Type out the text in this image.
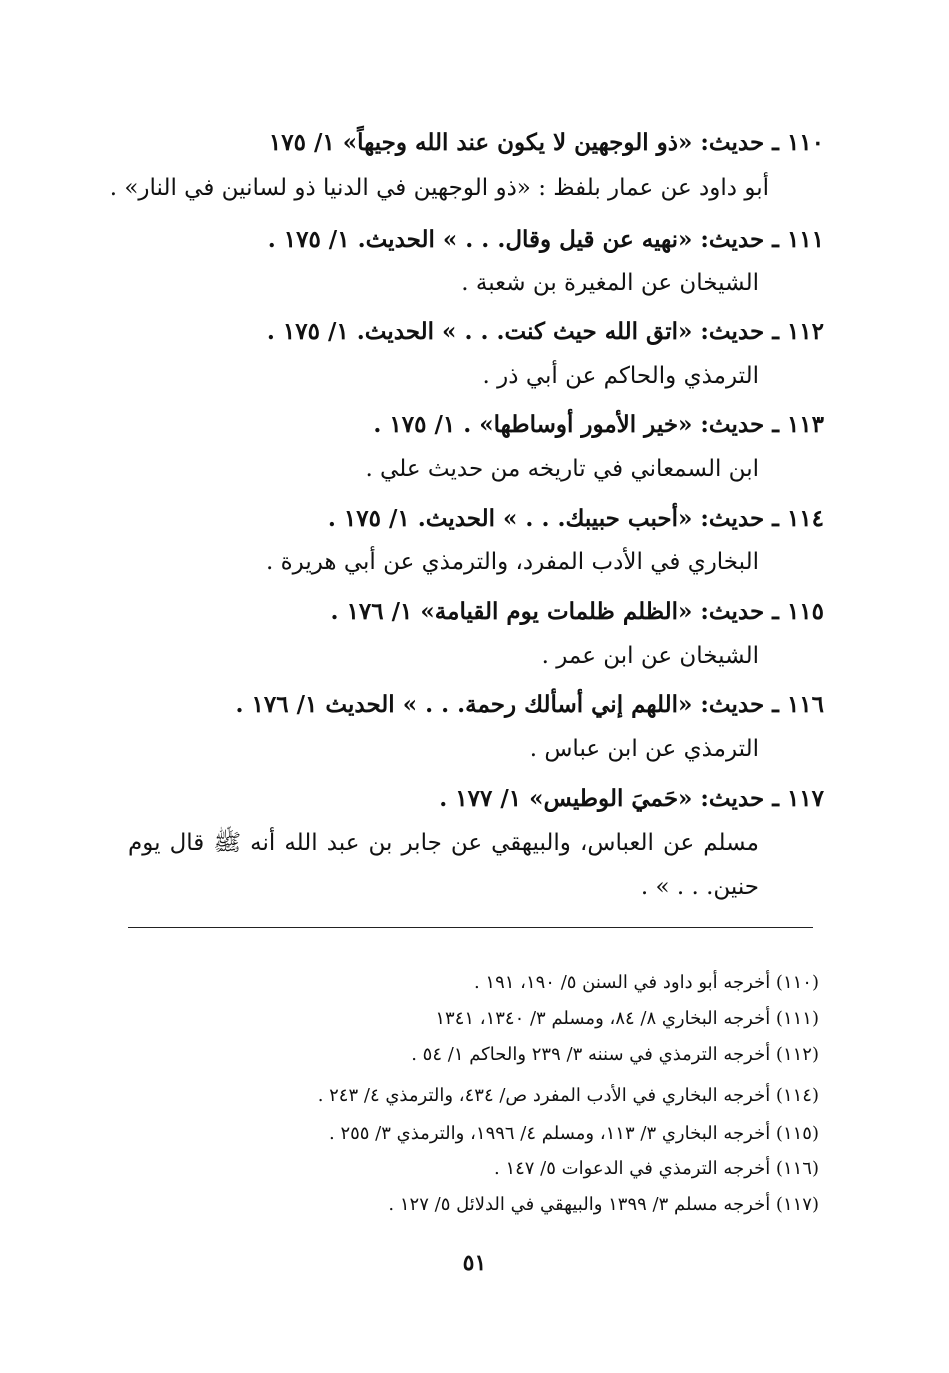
١١٠ ـ حديث: «ذو الوجهين لا يكون عند الله وجيهاً» ١/ ١٧٥
أبو داود عن عمار بلفظ : «ذو الوجهين في الدنيا ذو لسانين في النار» .
١١١ ـ حديث: «نهيه عن قيل وقال. . . » الحديث. ١/ ١٧٥ .
الشيخان عن المغيرة بن شعبة .
١١٢ ـ حديث: «اتق الله حيث كنت. . . » الحديث. ١/ ١٧٥ .
الترمذي والحاكم عن أبي ذر .
١١٣ ـ حديث: «خير الأمور أوساطها» . ١/ ١٧٥ .
ابن السمعاني في تاريخه من حديث علي .
١١٤ ـ حديث: «أحبب حبيبك. . . » الحديث. ١/ ١٧٥ .
البخاري في الأدب المفرد، والترمذي عن أبي هريرة .
١١٥ ـ حديث: «الظلم ظلمات يوم القيامة» ١/ ١٧٦ .
الشيخان عن ابن عمر .
١١٦ ـ حديث: «اللهم إني أسألك رحمة. . . » الحديث ١/ ١٧٦ .
الترمذي عن ابن عباس .
١١٧ ـ حديث: «حَميَ الوطيس» ١/ ١٧٧ .
مسلم عن العباس، والبيهقي عن جابر بن عبد الله أنه ﷺ قال يوم
حنين. . . » .
(١١٠) أخرجه أبو داود في السنن ٥/ ١٩٠، ١٩١ .
(١١١) أخرجه البخاري ٨/ ٨٤، ومسلم ٣/ ١٣٤٠، ١٣٤١
(١١٢) أخرجه الترمذي في سننه ٣/ ٢٣٩ والحاكم ١/ ٥٤ .
(١١٤) أخرجه البخاري في الأدب المفرد ص/ ٤٣٤، والترمذي ٤/ ٢٤٣ .
(١١٥) أخرجه البخاري ٣/ ١١٣، ومسلم ٤/ ١٩٩٦، والترمذي ٣/ ٢٥٥ .
(١١٦) أخرجه الترمذي في الدعوات ٥/ ١٤٧ .
(١١٧) أخرجه مسلم ٣/ ١٣٩٩ والبيهقي في الدلائل ٥/ ١٢٧ .
٥١
